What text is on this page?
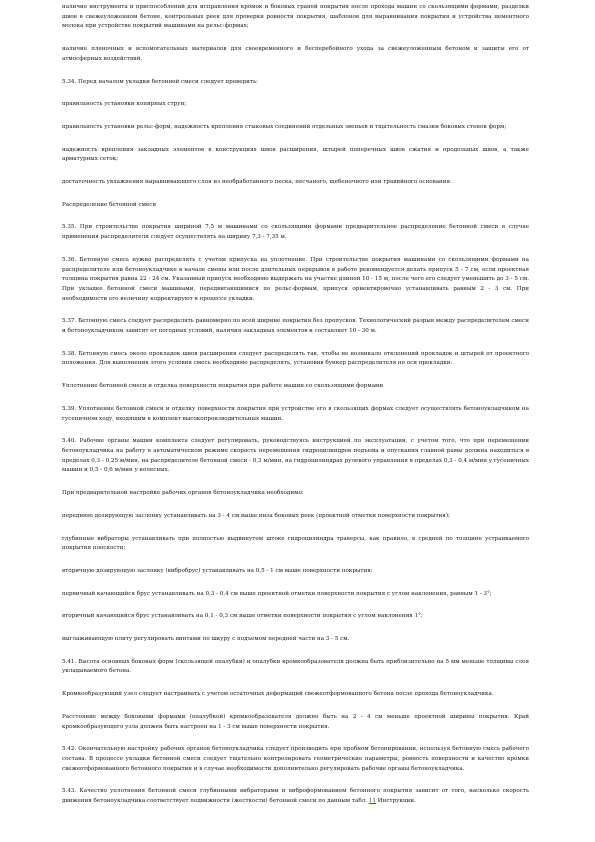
наличие инструмента и приспособлений для исправления кромок и боковых граней покрытия после прохода машин со скользящими формами, разделки швов в свежеуложенном бетоне, контрольных реек для проверки ровности покрытия, шаблонов для выравнивания покрытия и устройства цементного молока при устройстве покрытий машинами на рельс-формах;

наличие пленочных и вспомогательных материалов для своевременного и бесперебойного ухода за свежеуложенным бетоном и защиты его от атмосферных воздействий.

5.34. Перед началом укладки бетонной смеси следует проверить:

правильность установки копирных струн;

правильность установки рельс-форм, надежность крепления стыковых соединений отдельных звеньев и тщательность смазки боковых стенок форм;

надежность крепления закладных элементов в конструкциях швов расширения, штырей поперечных швов сжатия и продольных швов, а также арматурных сеток;

достаточность увлажнения выравнивающего слоя из необработанного песка, песчаного, щебеночного или гравийного основания.

Распределение бетонной смеси

5.35. При строительстве покрытия шириной 7,5 м машинами со скользящими формами предварительное распределение бетонной смеси в случае применения распределителя следует осуществлять на ширину 7,3 - 7,35 м.

5.36. Бетонную смесь нужно распределять с учетом припуска на уплотнение. При строительстве покрытия машинами со скользящими формами на распределителе или бетоноукладчике в начале смены или после длительных перерывов в работе рекомендуется делать припуск 5 - 7 см, если проектная толщина покрытия равна 22 - 24 см. Указанный припуск необходимо выдержать на участке длиной 10 - 15 м, после чего его следует уменьшить до 3 - 5 см. При укладке бетонной смеси машинами, передвигающимися по рельс-формам, припуск ориентировочно устанавливать равным 2 - 3 см. При необходимости его величину корректируют в процессе укладки.

5.37. Бетонную смесь следует распределять равномерно по всей ширине покрытия без пропусков. Технологический разрыв между распределителем смеси и бетоноукладчиком зависит от погодных условий, наличия закладных элементов и составляет 10 - 30 м.

5.38. Бетонную смесь около прокладок швов расширения следует распределять так, чтобы не возникало отклонений прокладок и штырей от проектного положения. Для выполнения этого условия смесь необходимо распределять, установив бункер распределителя по оси прокладки.

Уплотнение бетонной смеси и отделка поверхности покрытия при работе машин со скользящими формами

5.39. Уплотнение бетонной смеси и отделку поверхности покрытия при устройстве его в скользящих формах следует осуществлять бетоноукладчиком на гусеничном ходу, входящим в комплект высокопроизводительных машин.

5.40. Рабочие органы машин комплекта следует регулировать, руководствуясь инструкцией по эксплуатации, с учетом того, что при перемещении бетоноукладчика на работу в автоматическом режиме скорость перемещения гидроцилиндров подъема и опускания главной рамы должна находиться в пределах 0,3 - 0,25 м/мин, на распределителе бетонной смеси - 0,3 м/мин, на гидроцилиндрах рулевого управления в пределах 0,3 - 0,4 м/мин у гусеничных машин и 0,5 - 0,6 м/мин у колесных.

При предварительной настройке рабочих органов бетоноукладчика необходимо:

переднюю дозирующую заслонку устанавливать на 3 - 4 см выше низа боковых реек (проектной отметки поверхности покрытия);

глубинные вибраторы устанавливать при полностью выдвинутом штоке гидроцилиндра траверсы, как правило, в средней по толщине устраиваемого покрытия плоскости;

вторичную дозирующую заслонку (вибробрус) устанавливать на 0,5 - 1 см выше поверхности покрытия;

первичный качающийся брус устанавливать на 0,3 - 0,4 см выше проектной отметки поверхности покрытия с углом наклонения, равным 1 - 3°;

вторичный качающийся брус устанавливать на 0,1 - 0,3 см выше отметки поверхности покрытия с углом наклонения 1°;

выглаживающую плиту регулировать винтами по шкуру с подъемом передней части на 3 - 5 см.

5.41. Высота основных боковых форм (скользящей опалубки) и опалубки кромкообразователя должна быть приблизительно на 5 мм меньше толщины слоя укладываемого бетона.

Кромкообразующий узел следует настраивать с учетом остаточных деформаций свежеотформованного бетона после прохода бетоноукладчика.

Расстояние между боковыми формами (опалубкой) кромкообразователя должно быть на 2 - 4 см меньше проектной ширины покрытия. Край кромкообразующего узла должен быть настроен на 1 - 3 см выше поверхности покрытия.

5.42. Окончательную настройку рабочих органов бетоноукладчика следует производить при пробном бетонировании, используя бетонную смесь рабочего состава. В процессе укладки бетонной смеси следует тщательно контролировать геометрические параметры, ровность поверхности и качество кромки свежеотформованного бетонного покрытия и в случае необходимости дополнительно регулировать рабочие органы бетоноукладчика.

5.43. Качество уплотнения бетонной смеси глубинными вибраторами и виброформованием бетонного покрытия зависит от того, насколько скорость движения бетоноукладчика соответствует подвижности (жесткости) бетонной смеси по данным табл. 11 Инструкции.
